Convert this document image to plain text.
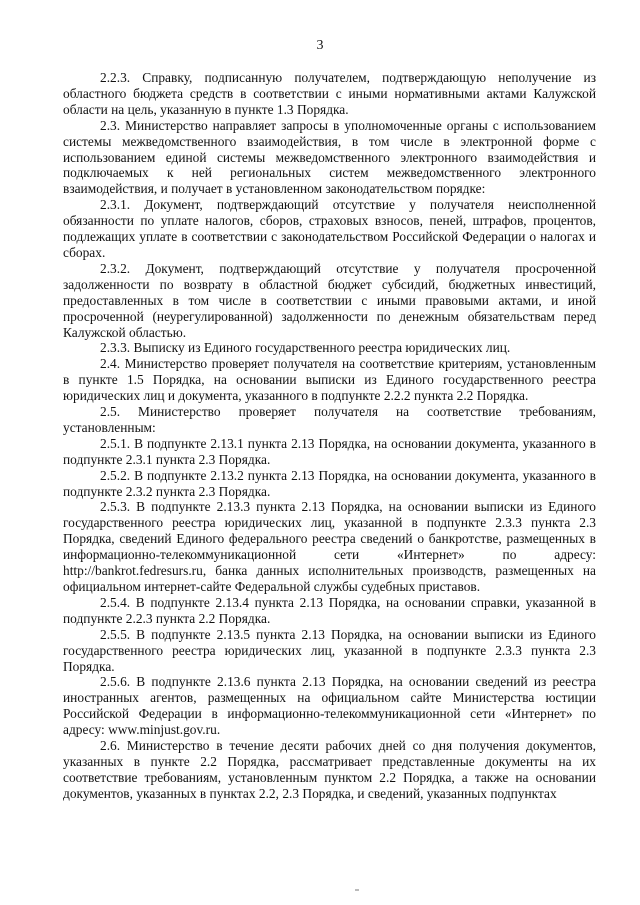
3

2.2.3. Справку, подписанную получателем, подтверждающую неполучение из областного бюджета средств в соответствии с иными нормативными актами Калужской области на цель, указанную в пункте 1.3 Порядка.

2.3. Министерство направляет запросы в уполномоченные органы с использованием системы межведомственного взаимодействия, в том числе в электронной форме с использованием единой системы межведомственного электронного взаимодействия и подключаемых к ней региональных систем межведомственного электронного взаимодействия, и получает в установленном законодательством порядке:

2.3.1. Документ, подтверждающий отсутствие у получателя неисполненной обязанности по уплате налогов, сборов, страховых взносов, пеней, штрафов, процентов, подлежащих уплате в соответствии с законодательством Российской Федерации о налогах и сборах.

2.3.2. Документ, подтверждающий отсутствие у получателя просроченной задолженности по возврату в областной бюджет субсидий, бюджетных инвестиций, предоставленных в том числе в соответствии с иными правовыми актами, и иной просроченной (неурегулированной) задолженности по денежным обязательствам перед Калужской областью.

2.3.3. Выписку из Единого государственного реестра юридических лиц.

2.4. Министерство проверяет получателя на соответствие критериям, установленным в пункте 1.5 Порядка, на основании выписки из Единого государственного реестра юридических лиц и документа, указанного в подпункте 2.2.2 пункта 2.2 Порядка.

2.5. Министерство проверяет получателя на соответствие требованиям, установленным:

2.5.1. В подпункте 2.13.1 пункта 2.13 Порядка, на основании документа, указанного в подпункте 2.3.1 пункта 2.3 Порядка.

2.5.2. В подпункте 2.13.2 пункта 2.13 Порядка, на основании документа, указанного в подпункте 2.3.2 пункта 2.3 Порядка.

2.5.3. В подпункте 2.13.3 пункта 2.13 Порядка, на основании выписки из Единого государственного реестра юридических лиц, указанной в подпункте 2.3.3 пункта 2.3 Порядка, сведений Единого федерального реестра сведений о банкротстве, размещенных в информационно-телекоммуникационной сети «Интернет» по адресу: http://bankrot.fedresurs.ru, банка данных исполнительных производств, размещенных на официальном интернет-сайте Федеральной службы судебных приставов.

2.5.4. В подпункте 2.13.4 пункта 2.13 Порядка, на основании справки, указанной в подпункте 2.2.3 пункта 2.2 Порядка.

2.5.5. В подпункте 2.13.5 пункта 2.13 Порядка, на основании выписки из Единого государственного реестра юридических лиц, указанной в подпункте 2.3.3 пункта 2.3 Порядка.

2.5.6. В подпункте 2.13.6 пункта 2.13 Порядка, на основании сведений из реестра иностранных агентов, размещенных на официальном сайте Министерства юстиции Российской Федерации в информационно-телекоммуникационной сети «Интернет» по адресу: www.minjust.gov.ru.

2.6. Министерство в течение десяти рабочих дней со дня получения документов, указанных в пункте 2.2 Порядка, рассматривает представленные документы на их соответствие требованиям, установленным пунктом 2.2 Порядка, а также на основании документов, указанных в пунктах 2.2, 2.3 Порядка, и сведений, указанных подпунктах
